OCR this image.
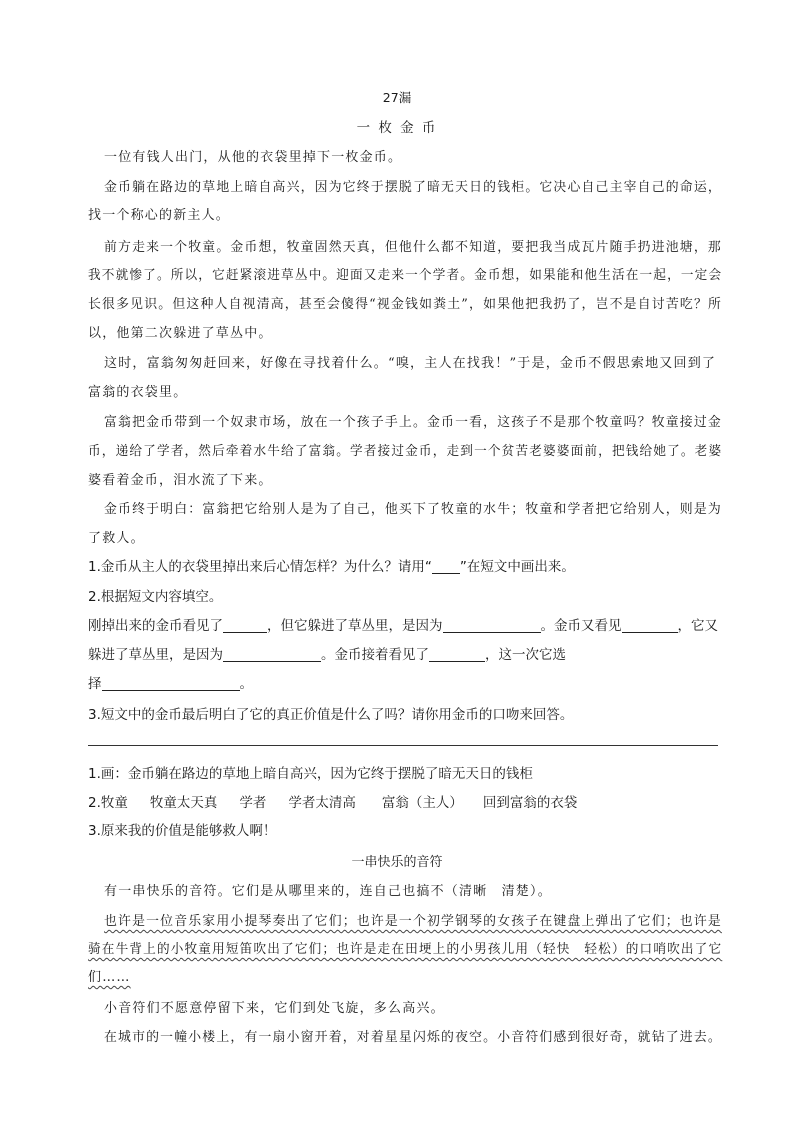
27漏
一 枚 金 币
一位有钱人出门，从他的衣袋里掉下一枚金币。
金币躺在路边的草地上暗自高兴，因为它终于摆脱了暗无天日的钱柜。它决心自己主宰自己的命运，
找一个称心的新主人。
前方走来一个牧童。金币想，牧童固然天真，但他什么都不知道，要把我当成瓦片随手扔进池塘，那
我不就惨了。所以，它赶紧滚进草丛中。迎面又走来一个学者。金币想，如果能和他生活在一起，一定会
长很多见识。但这种人自视清高，甚至会傻得“视金钱如粪土”，如果他把我扔了，岂不是自讨苦吃？所
以，他第二次躲进了草丛中。
这时，富翁匆匆赶回来，好像在寻找着什么。“嗅，主人在找我！”于是，金币不假思索地又回到了
富翁的衣袋里。
富翁把金币带到一个奴隶市场，放在一个孩子手上。金币一看，这孩子不是那个牧童吗？牧童接过金
币，递给了学者，然后牵着水牛给了富翁。学者接过金币，走到一个贫苦老婆婆面前，把钱给她了。老婆
婆看着金币，泪水流了下来。
金币终于明白：富翁把它给别人是为了自己，他买下了牧童的水牛；牧童和学者把它给别人，则是为
了救人。
1.金币从主人的衣袋里掉出来后心情怎样？为什么？请用“ ”在短文中画出来。
2.根据短文内容填空。
刚掉出来的金币看见了	，但它躲进了草丛里，是因为	。金币又看见	，它又
躲进了草丛里，是因为	。金币接着看见了	，这一次它选
择	。
3.短文中的金币最后明白了它的真正价值是什么了吗？请你用金币的口吻来回答。
1.画：金币躺在路边的草地上暗自高兴，因为它终于摆脱了暗无天日的钱柜
2.牧童 牧童太天真 学者 学者太清高 富翁（主人） 回到富翁的衣袋
3.原来我的价值是能够救人啊！
一串快乐的音符
有一串快乐的音符。它们是从哪里来的，连自己也搞不（清晰　清楚）。
也许是一位音乐家用小提琴奏出了它们；也许是一个初学钢琴的女孩子在键盘上弹出了它们；也许是
骑在牛背上的小牧童用短笛吹出了它们；也许是走在田埂上的小男孩儿用（轻快　轻松）的口哨吹出了它
们……
小音符们不愿意停留下来，它们到处飞旋，多么高兴。
在城市的一幢小楼上，有一扇小窗开着，对着星星闪烁的夜空。小音符们感到很好奇，就钻了进去。
